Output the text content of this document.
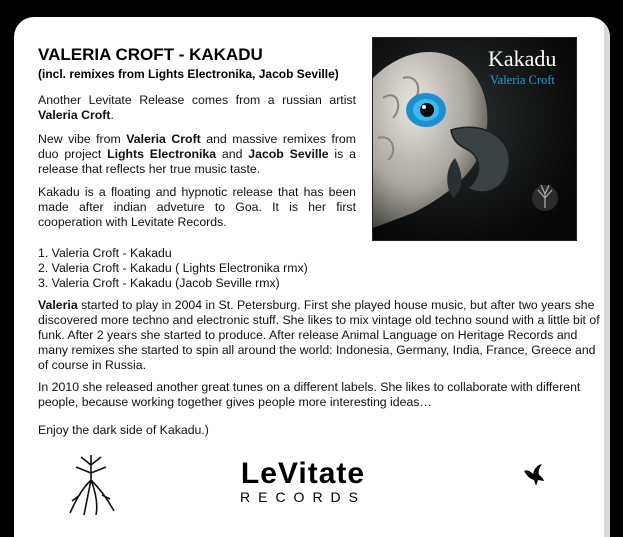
VALERIA CROFT - KAKADU
(incl. remixes from Lights Electronika, Jacob Seville)
Kakadu
Valeria Croft
Another Levitate Release comes from a russian artist Valeria Croft.
New vibe from Valeria Croft and massive remixes from duo project Lights Electronika and Jacob Seville is a release that reflects her true music taste.
Kakadu is a floating and hypnotic release that has been made after indian adveture to Goa. It is her first cooperation with Levitate Records.
1. Valeria Croft - Kakadu
2. Valeria Croft - Kakadu ( Lights Electronika rmx)
3. Valeria Croft - Kakadu (Jacob Seville rmx)
Valeria started to play in 2004 in St. Petersburg. First she played house music, but after two years she discovered more techno and electronic stuff. She likes to mix vintage old techno sound with a little bit of funk. After 2 years she started to produce. After release Animal Language on Heritage Records and many remixes she started to spin all around the world: Indonesia, Germany, India, France, Greece and of course in Russia.
In 2010 she released another great tunes on a different labels. She likes to collaborate with different people, because working together gives people more interesting ideas…
Enjoy the dark side of Kakadu.)
LeVitate
RECORDS
